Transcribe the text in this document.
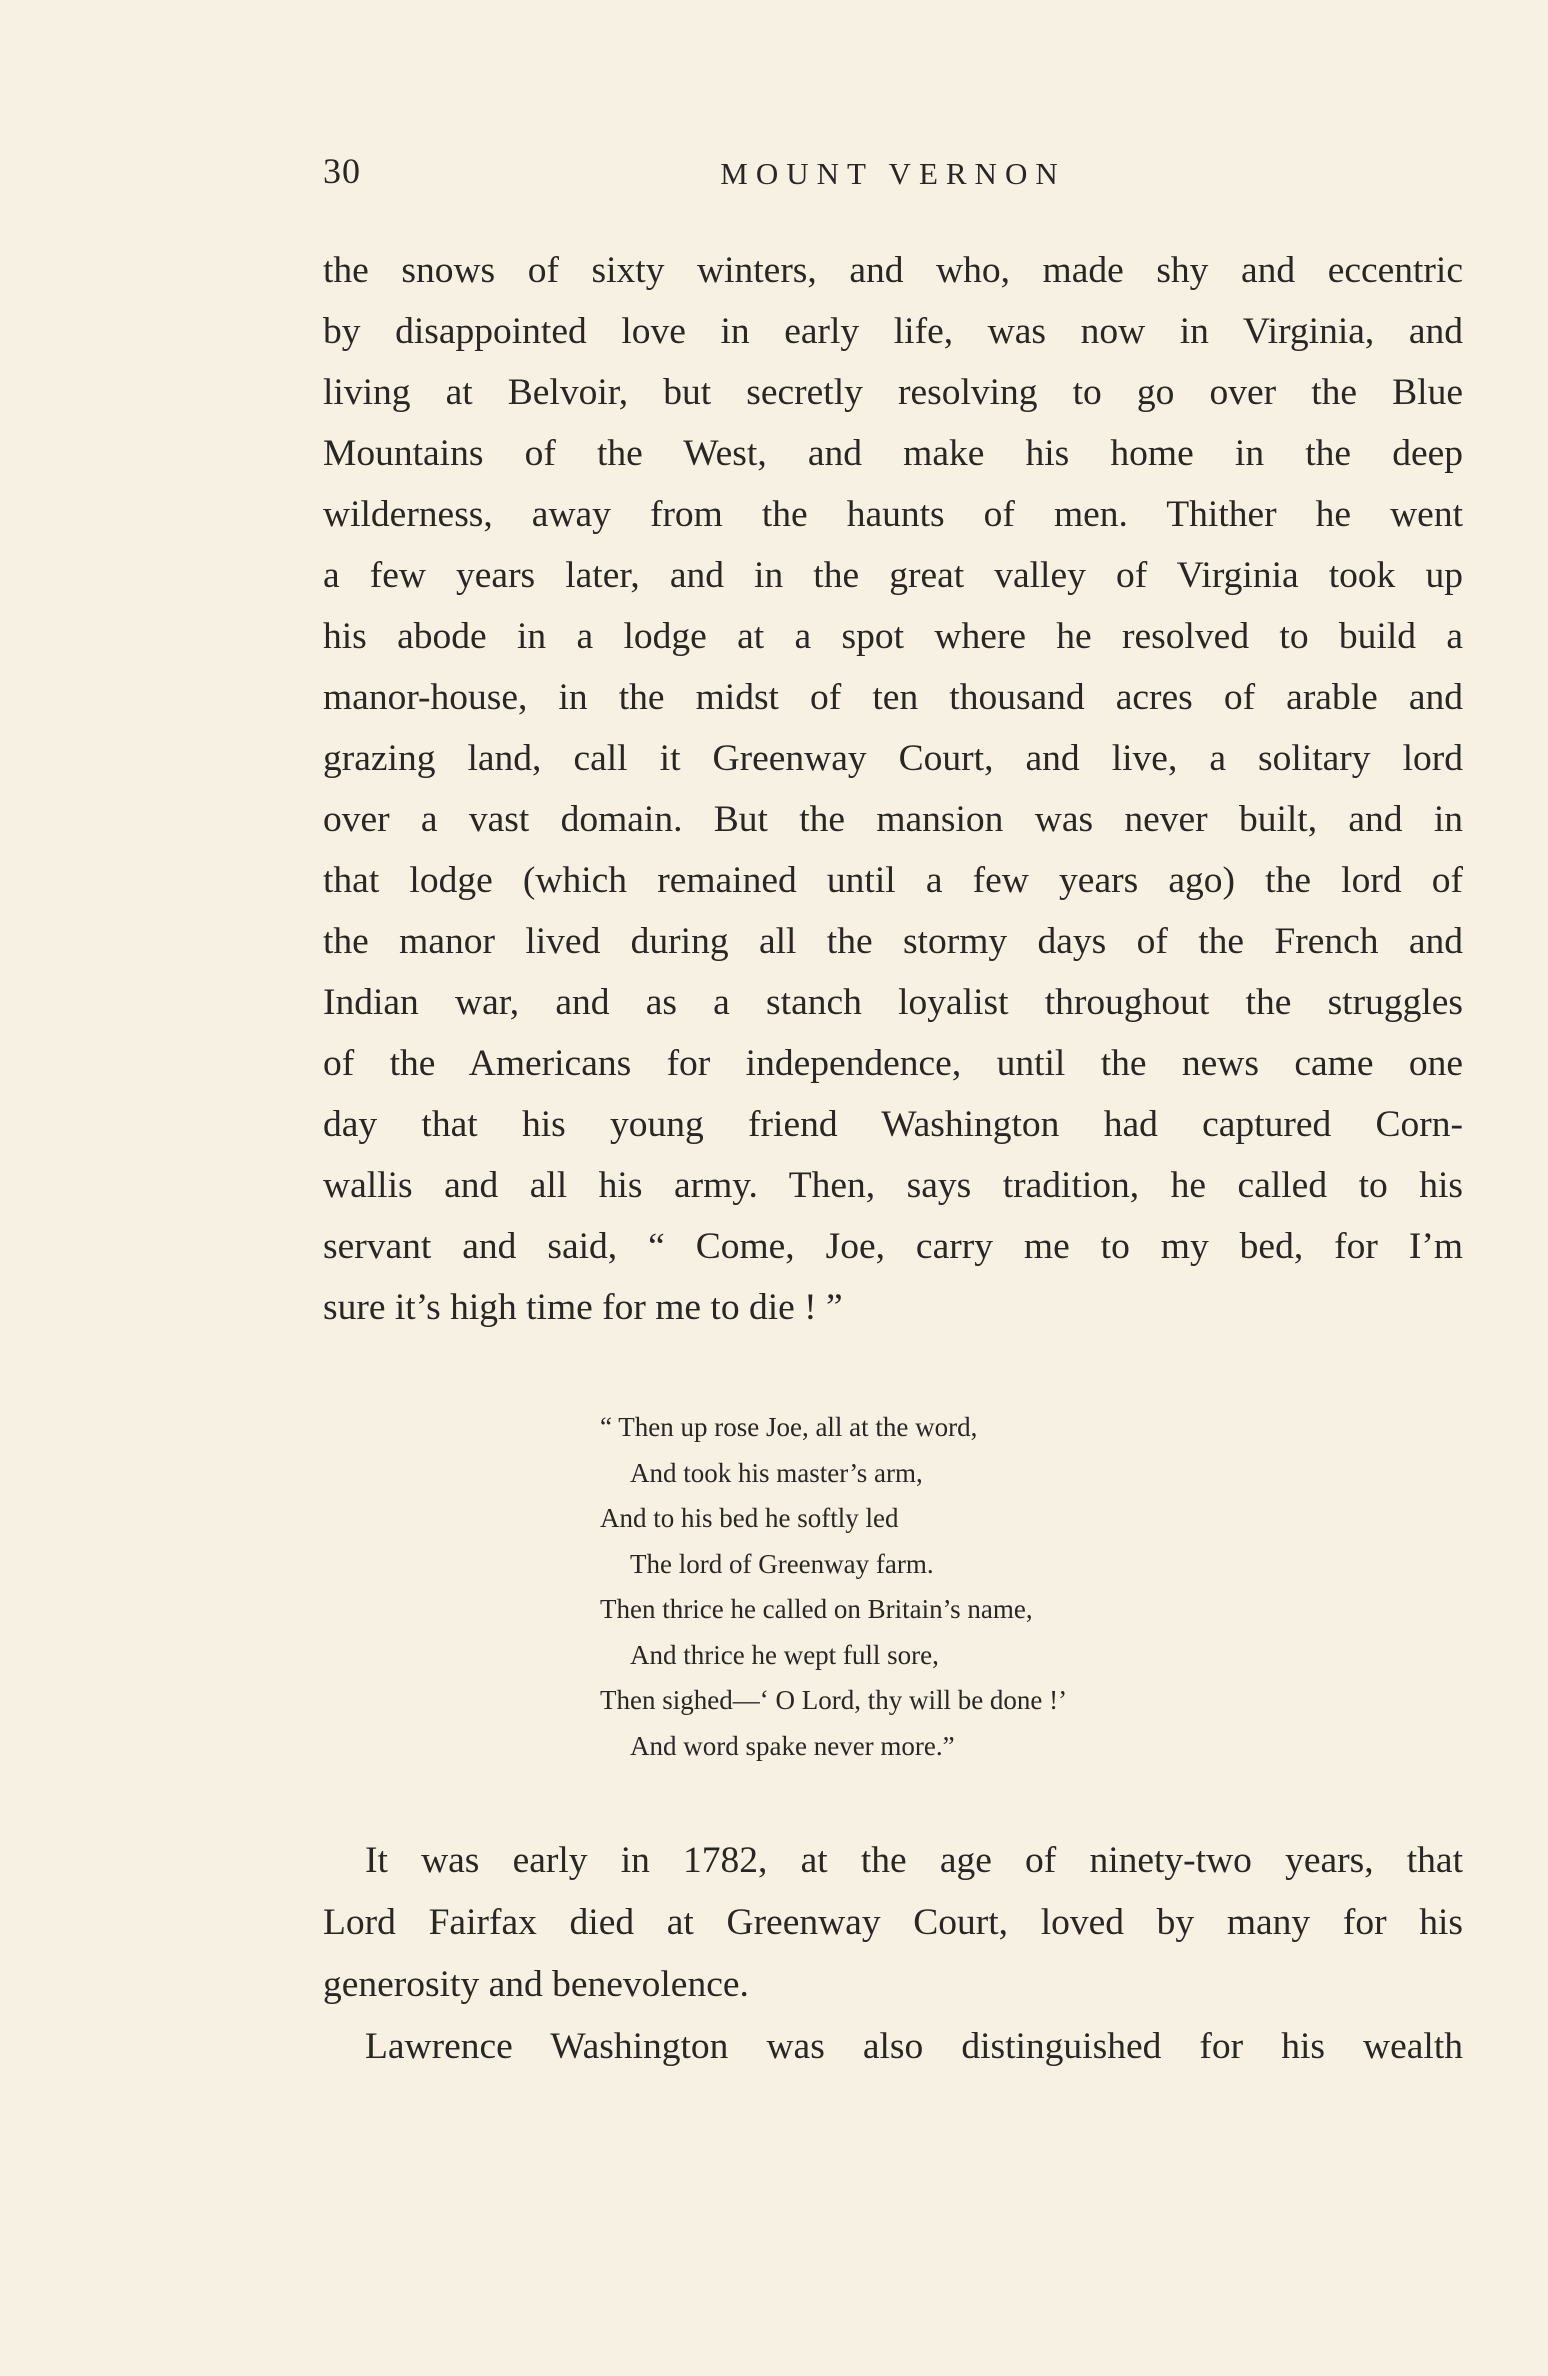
30	MOUNT VERNON
the snows of sixty winters, and who, made shy and eccentric
by disappointed love in early life, was now in Virginia, and
living at Belvoir, but secretly resolving to go over the Blue
Mountains of the West, and make his home in the deep
wilderness, away from the haunts of men. Thither he went
a few years later, and in the great valley of Virginia took up
his abode in a lodge at a spot where he resolved to build a
manor-house, in the midst of ten thousand acres of arable and
grazing land, call it Greenway Court, and live, a solitary lord
over a vast domain. But the mansion was never built, and in
that lodge (which remained until a few years ago) the lord of
the manor lived during all the stormy days of the French and
Indian war, and as a stanch loyalist throughout the struggles
of the Americans for independence, until the news came one
day that his young friend Washington had captured Corn-
wallis and all his army. Then, says tradition, he called to his
servant and said, “ Come, Joe, carry me to my bed, for I’m
sure it’s high time for me to die ! ”
“ Then up rose Joe, all at the word,
And took his master’s arm,
And to his bed he softly led
The lord of Greenway farm.
Then thrice he called on Britain’s name,
And thrice he wept full sore,
Then sighed—‘ O Lord, thy will be done !’
And word spake never more.”
It was early in 1782, at the age of ninety-two years, that
Lord Fairfax died at Greenway Court, loved by many for his
generosity and benevolence.
Lawrence Washington was also distinguished for his wealth
